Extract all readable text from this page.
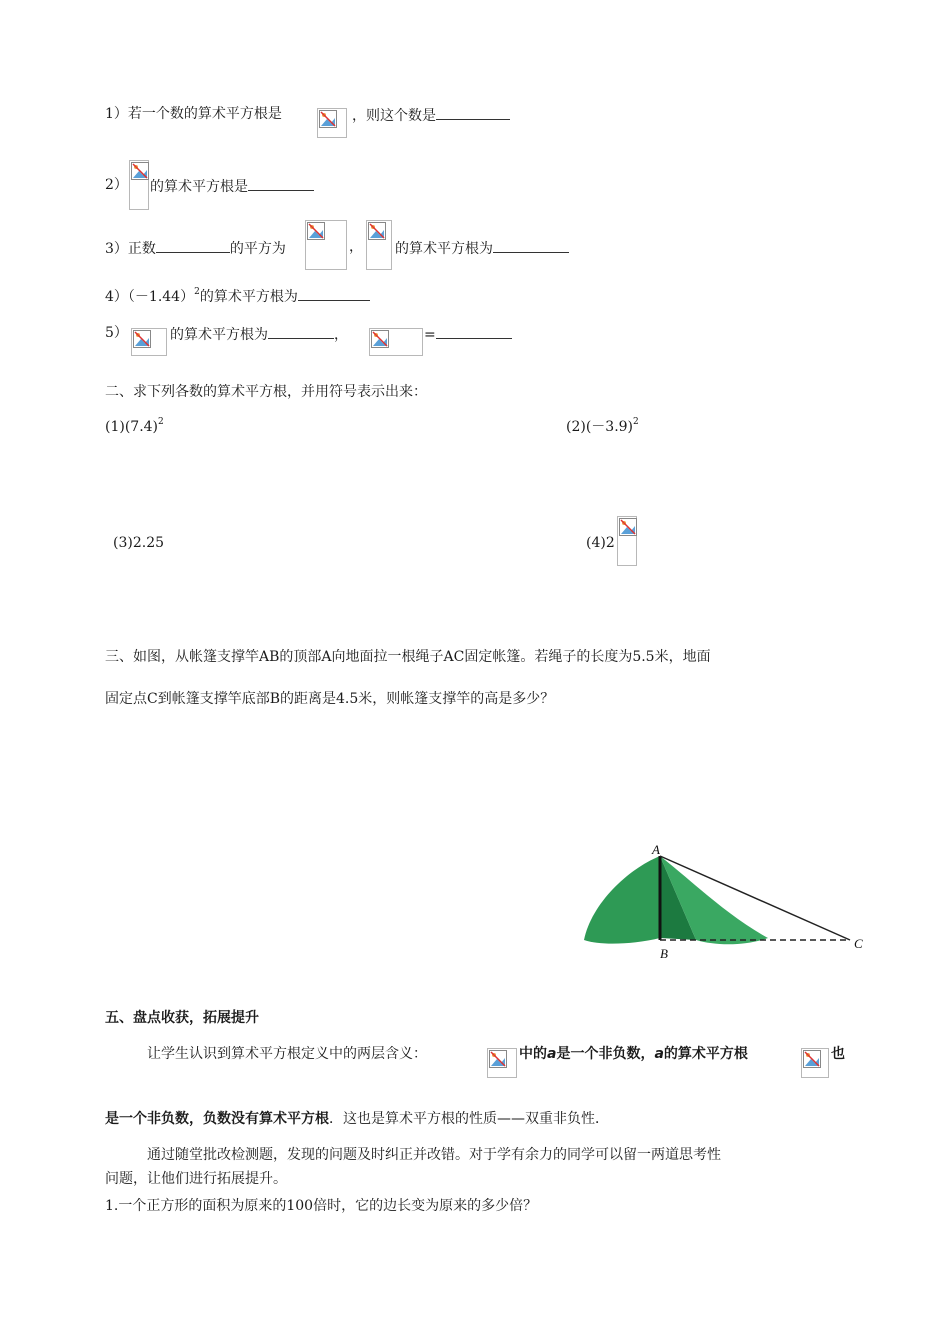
1）若一个数的算术平方根是	，则这个数是
2） 的算术平方根是
3）正数	的平方为	， 的算术平方根为
$4)(-1.44)^2$的算术平方根为
5）	的算术平方根为	，	=
二、求下列各数的算术平方根，并用符号表示出来：
$(1)(7.4)^2$	$(2)(-3.9)^2$
(3)2.25	(4)2
三、如图，从帐篷支撑竿AB的顶部A向地面拉一根绳子AC固定帐篷。若绳子的长度为5.5米，地面
固定点C到帐篷支撑竿底部B的距离是4.5米，则帐篷支撑竿的高是多少？
A
B
C
五、盘点收获，拓展提升
让学生认识到算术平方根定义中的两层含义：	中的a是一个非负数，a的算术平方根	也
是一个非负数，负数没有算术平方根．这也是算术平方根的性质——双重非负性．
通过随堂批改检测题，发现的问题及时纠正并改错。对于学有余力的同学可以留一两道思考性
问题，让他们进行拓展提升。
1.一个正方形的面积为原来的100倍时，它的边长变为原来的多少倍？
